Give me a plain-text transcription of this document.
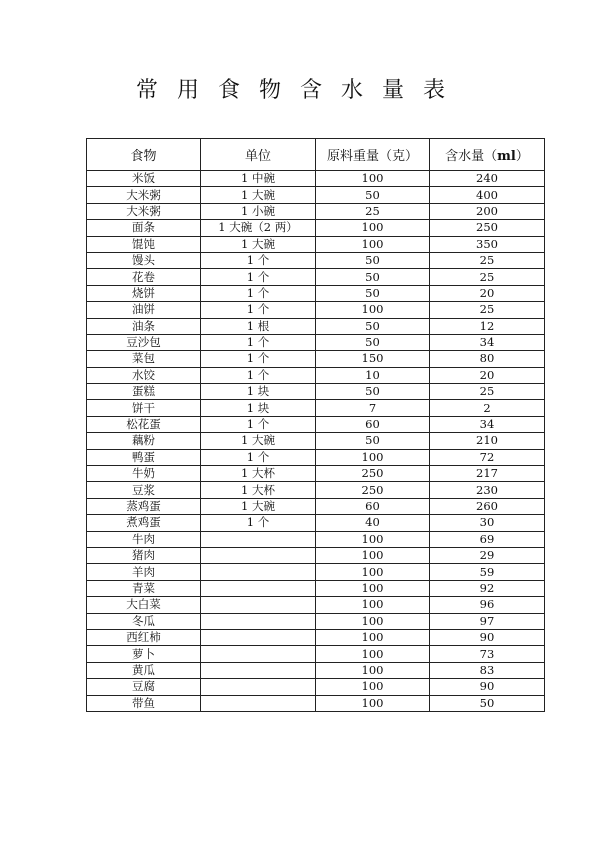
常用食物含水量表
食物	单位	原料重量（克）	含水量（ml）
米饭	1 中碗	100	240
大米粥	1 大碗	50	400
大米粥	1 小碗	25	200
面条	1 大碗（2 两）	100	250
馄饨	1 大碗	100	350
馒头	1 个	50	25
花卷	1 个	50	25
烧饼	1 个	50	20
油饼	1 个	100	25
油条	1 根	50	12
豆沙包	1 个	50	34
菜包	1 个	150	80
水饺	1 个	10	20
蛋糕	1 块	50	25
饼干	1 块	7	2
松花蛋	1 个	60	34
藕粉	1 大碗	50	210
鸭蛋	1 个	100	72
牛奶	1 大杯	250	217
豆浆	1 大杯	250	230
蒸鸡蛋	1 大碗	60	260
煮鸡蛋	1 个	40	30
牛肉		100	69
猪肉		100	29
羊肉		100	59
青菜		100	92
大白菜		100	96
冬瓜		100	97
西红柿		100	90
萝卜		100	73
黄瓜		100	83
豆腐		100	90
带鱼		100	50
